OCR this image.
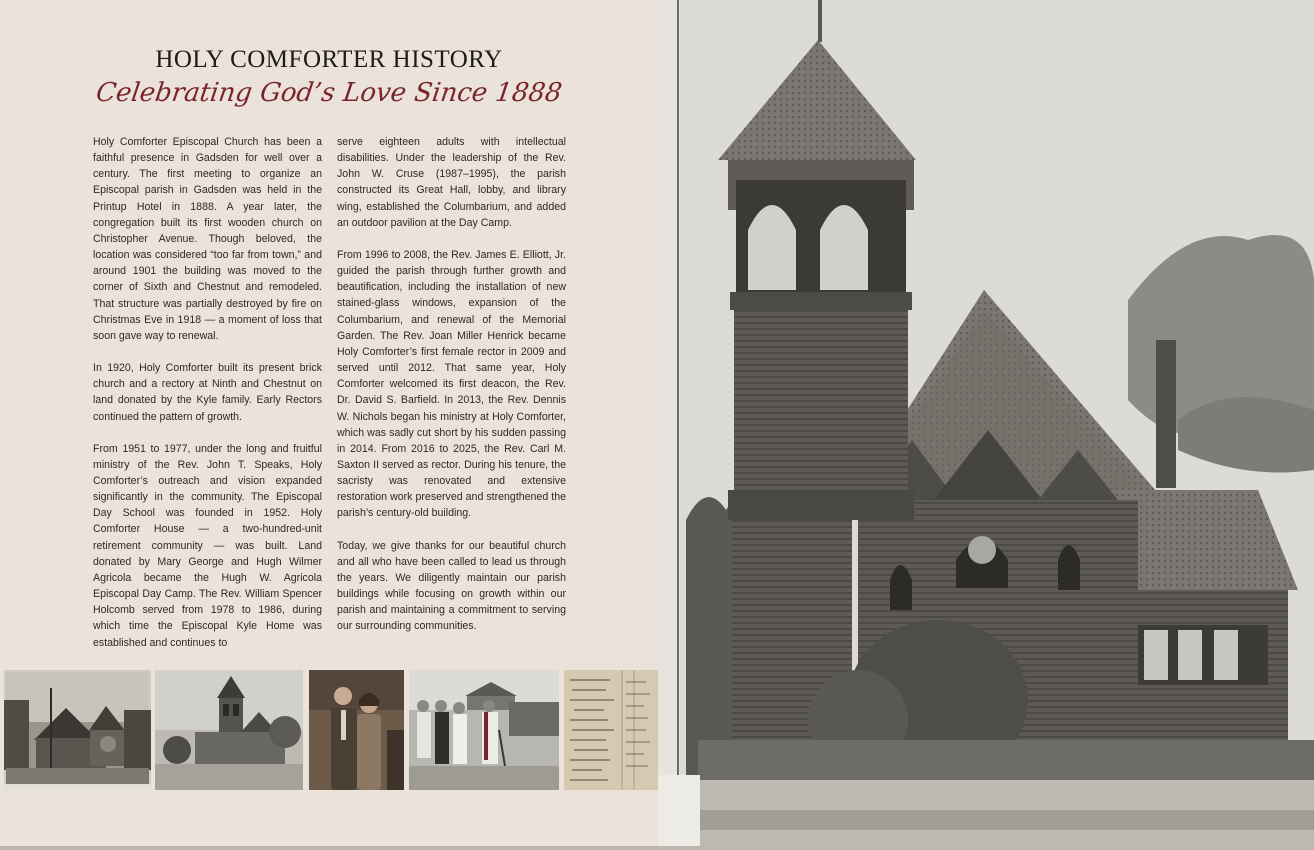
HOLY COMFORTER HISTORY
Celebrating God’s Love Since 1888

Holy Comforter Episcopal Church has been a faithful presence in Gadsden for well over a century. The first meeting to organize an Episcopal parish in Gadsden was held in the Printup Hotel in 1888. A year later, the congregation built its first wooden church on Christopher Avenue. Though beloved, the location was considered “too far from town,” and around 1901 the building was moved to the corner of Sixth and Chestnut and remodeled. That structure was partially destroyed by fire on Christmas Eve in 1918 — a moment of loss that soon gave way to renewal.

In 1920, Holy Comforter built its present brick church and a rectory at Ninth and Chestnut on land donated by the Kyle family. Early Rectors continued the pattern of growth.

From 1951 to 1977, under the long and fruitful ministry of the Rev. John T. Speaks, Holy Comforter’s outreach and vision expanded significantly in the community. The Episcopal Day School was founded in 1952. Holy Comforter House — a two-hundred-unit retirement community — was built. Land donated by Mary George and Hugh Wilmer Agricola became the Hugh W. Agricola Episcopal Day Camp. The Rev. William Spencer Holcomb served from 1978 to 1986, during which time the Episcopal Kyle Home was established and continues to

serve eighteen adults with intellectual disabilities. Under the leadership of the Rev. John W. Cruse (1987–1995), the parish constructed its Great Hall, lobby, and library wing, established the Columbarium, and added an outdoor pavilion at the Day Camp.

From 1996 to 2008, the Rev. James E. Elliott, Jr. guided the parish through further growth and beautification, including the installation of new stained-glass windows, expansion of the Columbarium, and renewal of the Memorial Garden. The Rev. Joan Miller Henrick became Holy Comforter’s first female rector in 2009 and served until 2012. That same year, Holy Comforter welcomed its first deacon, the Rev. Dr. David S. Barfield. In 2013, the Rev. Dennis W. Nichols began his ministry at Holy Comforter, which was sadly cut short by his sudden passing in 2014. From 2016 to 2025, the Rev. Carl M. Saxton II served as rector. During his tenure, the sacristy was renovated and extensive restoration work preserved and strengthened the parish’s century-old building.

Today, we give thanks for our beautiful church and all who have been called to lead us through the years. We diligently maintain our parish buildings while focusing on growth within our parish and maintaining a commitment to serving our surrounding communities.
